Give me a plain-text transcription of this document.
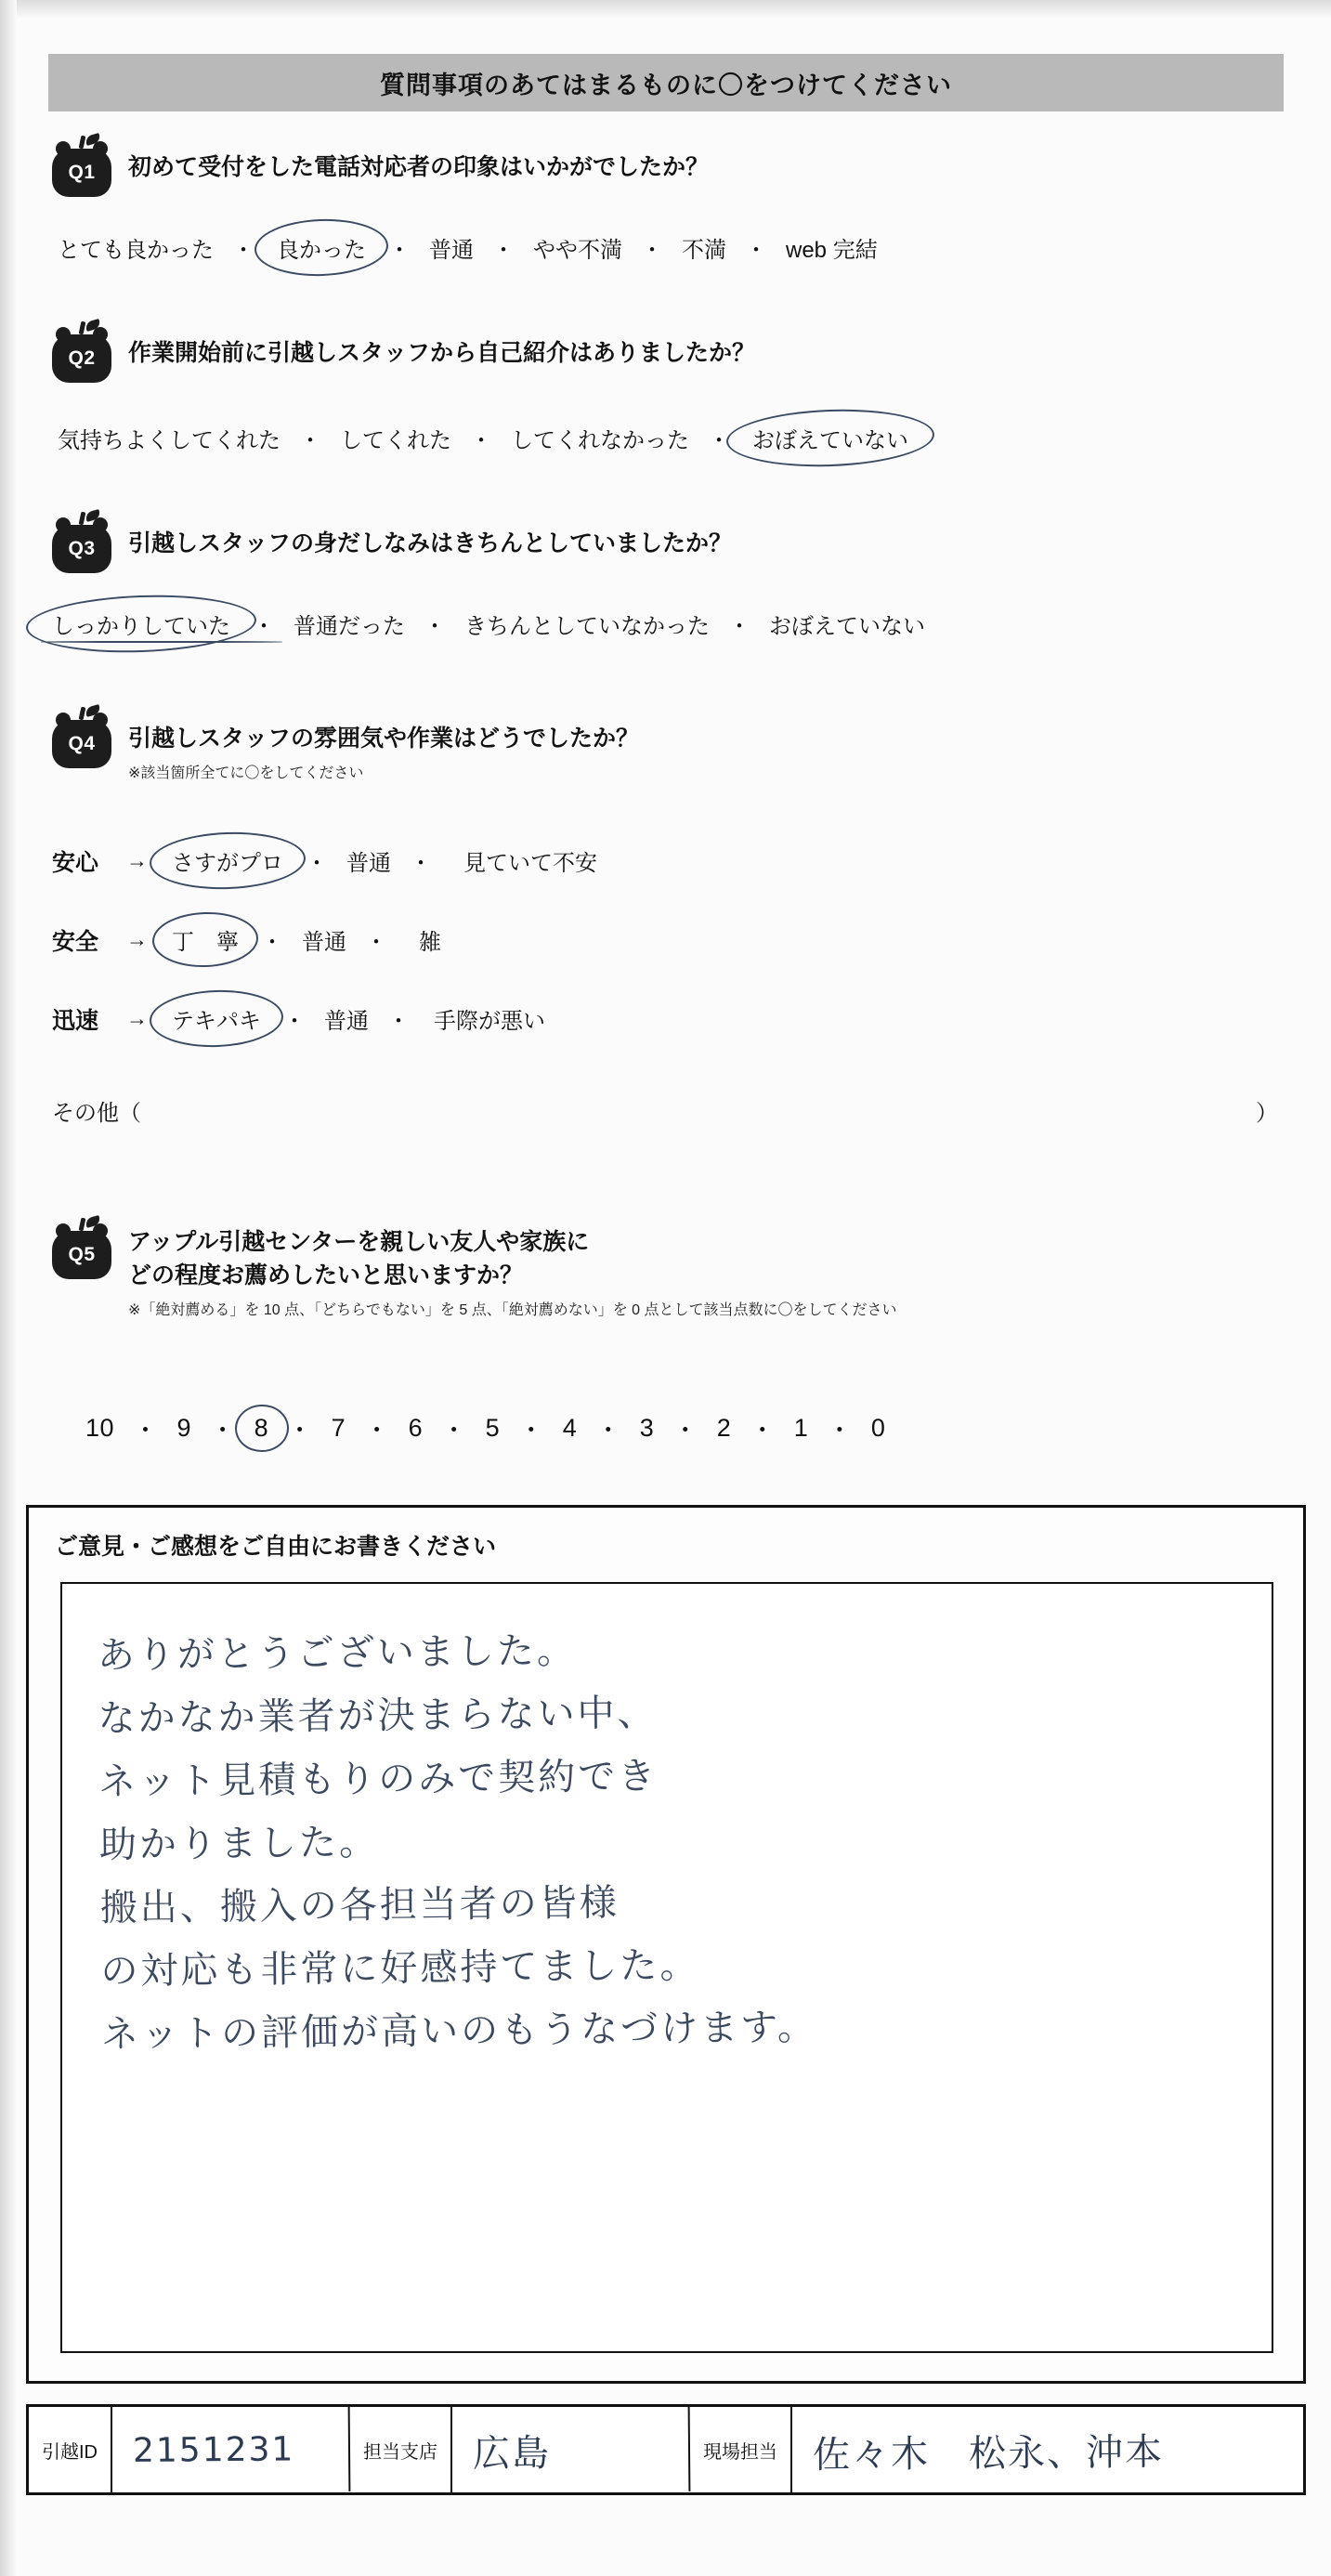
質問事項のあてはまるものに〇をつけてください
Q1	初めて受付をした電話対応者の印象はいかがでしたか？
とても良かった ・	良かった	・ 普通 ・ やや不満 ・ 不満 ・ web 完結
Q2	作業開始前に引越しスタッフから自己紹介はありましたか？
気持ちよくしてくれた ・ してくれた ・ してくれなかった ・	おぼえていない
Q3	引越しスタッフの身だしなみはきちんとしていましたか？
しっかりしていた	・ 普通だった ・ きちんとしていなかった ・ おぼえていない
Q4	引越しスタッフの雰囲気や作業はどうでしたか？
※該当箇所全てに〇をしてください
安心	→	さすがプロ	・ 普通 ・	見ていて不安
安全	→	丁　寧	・ 普通 ・	雑
迅速	→	テキパキ	・ 普通 ・	手際が悪い
その他（	）
Q5	アップル引越センターを親しい友人や家族に
どの程度お薦めしたいと思いますか？
※「絶対薦める」を 10 点、「どちらでもない」を 5 点、「絶対薦めない」を 0 点として該当点数に〇をしてください
10 ・ 9 ・ 8 ・ 7 ・ 6 ・ 5 ・ 4 ・ 3 ・ 2 ・ 1 ・ 0
ご意見・ご感想をご自由にお書きください
ありがとうございました。
なかなか業者が決まらない中、
ネット見積もりのみで契約でき
助かりました。
搬出、搬入の各担当者の皆様
の対応も非常に好感持てました。
ネットの評価が高いのもうなづけます。
引越ID	2151231	担当支店 広島	現場担当 佐々木　松永、沖本
